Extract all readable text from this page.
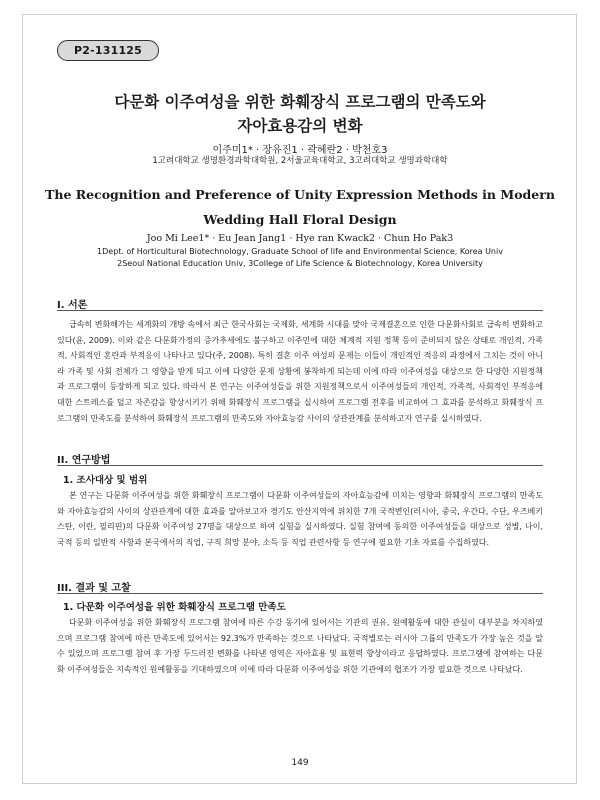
P2-131125
다문화 이주여성을 위한 화훼장식 프로그램의 만족도와
자아효용감의 변화
이주미1* · 장유진1 · 곽혜란2 · 박천호3
1고려대학교 생명환경과학대학원, 2서울교육대학교, 3고려대학교 생명과학대학
The Recognition and Preference of Unity Expression Methods in Modern
Wedding Hall Floral Design
Joo Mi Lee1* · Eu Jean Jang1 · Hye ran Kwack2 · Chun Ho Pak3
1Dept. of Horticultural Biotechnology, Graduate School of life and Environmental Science, Korea Univ
2Seoul National Education Univ, 3College of Life Science & Biotechnology, Korea University
I. 서론
급속히 변화해가는 세계화의 개방 속에서 최근 한국사회는 국제화, 세계화 시대를 맞아 국제결혼으로 인한 다문화사회로 급속히 변화하고 있다(윤, 2009). 이와 같은 다문화가정의 증가추세에도 불구하고 이주민에 대한 체계적 지원 정책 등이 준비되지 않은 상태로 개인적, 가족적, 사회적인 혼란과 부적응이 나타나고 있다(주, 2008). 특히 결혼 이주 여성의 문제는 이들이 개인적인 적응의 과정에서 그치는 것이 아니라 가족 및 사회 전체가 그 영향을 받게 되고 이에 다양한 문제 상황에 봉착하게 되는데 이에 따라 이주여성을 대상으로 한 다양한 지원정책과 프로그램이 등장하게 되고 있다. 따라서 본 연구는 이주여성들을 위한 지원정책으로서 이주여성들의 개인적, 가족적, 사회적인 부적응에 대한 스트레스를 덜고 자존감을 향상시키기 위해 화훼장식 프로그램을 실시하여 프로그램 전후를 비교하여 그 효과를 분석하고 화훼장식 프로그램의 만족도를 분석하여 화훼장식 프로그램의 만족도와 자아효능감 사이의 상관관계를 분석하고자 연구를 실시하였다.
II. 연구방법
1. 조사대상 및 범위
본 연구는 다문화 이주여성을 위한 화훼장식 프로그램이 다문화 이주여성들의 자아효능감에 미치는 영향과 화훼장식 프로그램의 만족도와 자아효능감의 사이의 상관관계에 대한 효과를 알아보고자 경기도 안산지역에 위치한 7개 국적변인(러시아, 중국, 우간다, 수단, 우즈베키스탄, 이란, 필리핀)의 다문화 이주여성 27명을 대상으로 하여 실험을 실시하였다. 실험 참여에 동의한 이주여성들을 대상으로 성별, 나이, 국적 등의 일반적 사항과 본국에서의 직업, 구직 희망 분야, 소득 등 직업 관련사항 등 연구에 필요한 기초 자료를 수집하였다.
III. 결과 및 고찰
1. 다문화 이주여성을 위한 화훼장식 프로그램 만족도
다문화 이주여성을 위한 화훼장식 프로그램 참여에 따른 수강 동기에 있어서는 기관의 권유, 원예활동에 대한 관심이 대부분을 차지하였으며 프로그램 참여에 따른 만족도에 있어서는 92.3%가 만족하는 것으로 나타났다. 국적별로는 러시아 그룹의 만족도가 가장 높은 것을 알 수 있었으며 프로그램 참여 후 가장 두드러진 변화를 나타낸 영역은 자아효용 및 표현력 향상이라고 응답하였다. 프로그램에 참여하는 다문화 이주여성들은 지속적인 원예활동을 기대하였으며 이에 따라 다문화 이주여성을 위한 기관에의 협조가 가장 필요한 것으로 나타났다.
149
